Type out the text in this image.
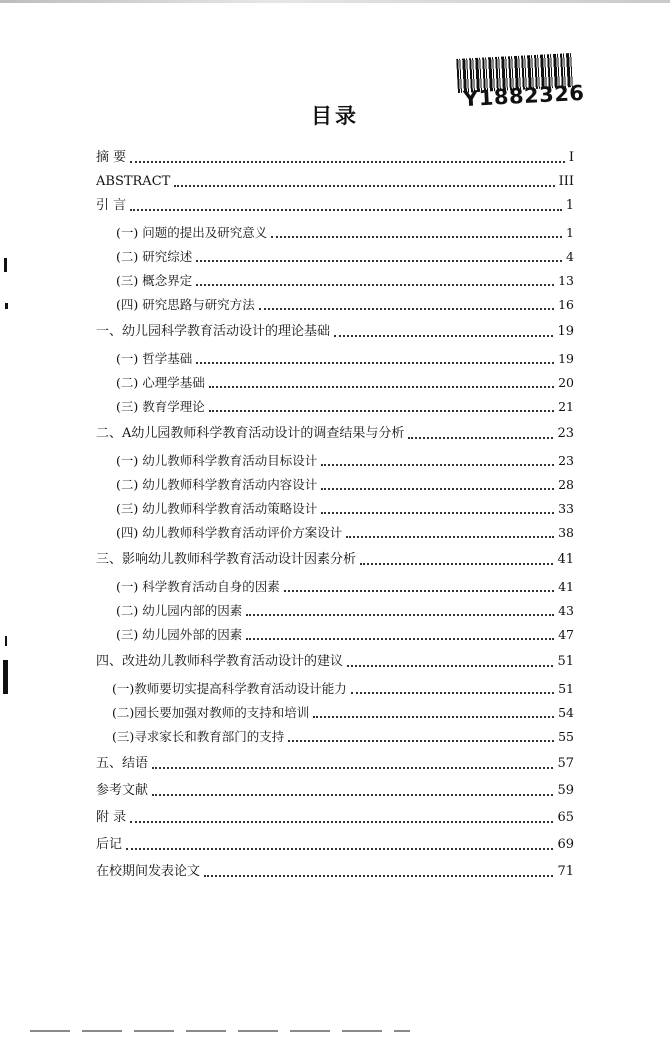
Y1882326
目录
摘 要	I
ABSTRACT	III
引 言	1
(一) 问题的提出及研究意义	1
(二) 研究综述	4
(三) 概念界定	13
(四) 研究思路与研究方法	16
一、幼儿园科学教育活动设计的理论基础	19
(一) 哲学基础	19
(二) 心理学基础	20
(三) 教育学理论	21
二、A幼儿园教师科学教育活动设计的调查结果与分析	23
(一) 幼儿教师科学教育活动目标设计	23
(二) 幼儿教师科学教育活动内容设计	28
(三) 幼儿教师科学教育活动策略设计	33
(四) 幼儿教师科学教育活动评价方案设计	38
三、影响幼儿教师科学教育活动设计因素分析	41
(一) 科学教育活动自身的因素	41
(二) 幼儿园内部的因素	43
(三) 幼儿园外部的因素	47
四、改进幼儿教师科学教育活动设计的建议	51
(一)教师要切实提高科学教育活动设计能力	51
(二)园长要加强对教师的支持和培训	54
(三)寻求家长和教育部门的支持	55
五、结语	57
参考文献	59
附 录	65
后记	69
在校期间发表论文	71
